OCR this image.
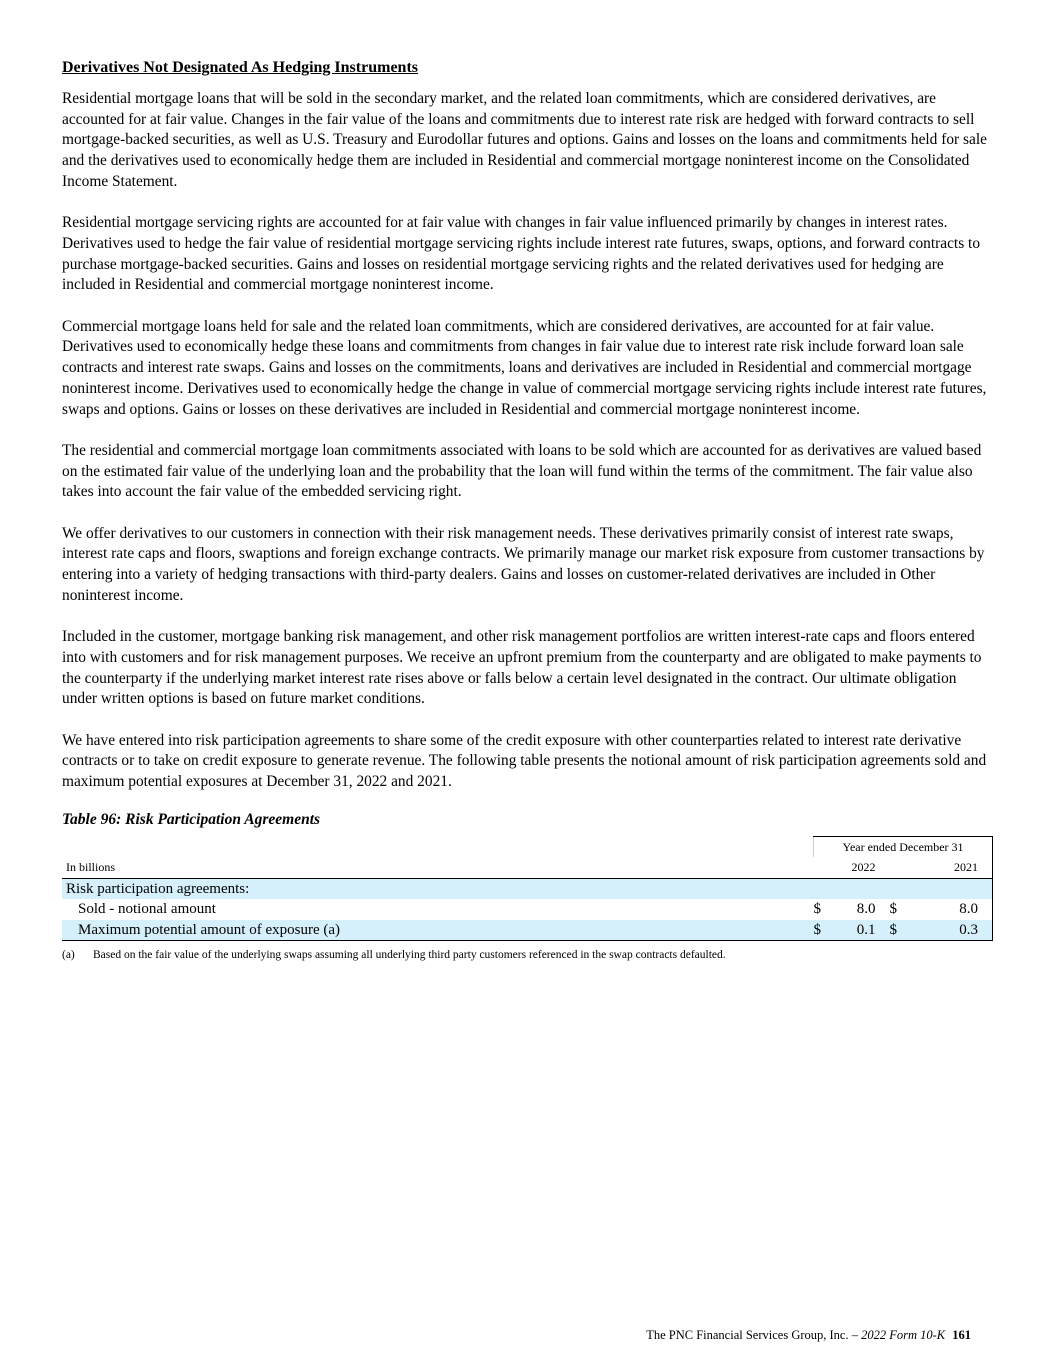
Derivatives Not Designated As Hedging Instruments

Residential mortgage loans that will be sold in the secondary market, and the related loan commitments, which are considered derivatives, are accounted for at fair value. Changes in the fair value of the loans and commitments due to interest rate risk are hedged with forward contracts to sell mortgage-backed securities, as well as U.S. Treasury and Eurodollar futures and options. Gains and losses on the loans and commitments held for sale and the derivatives used to economically hedge them are included in Residential and commercial mortgage noninterest income on the Consolidated Income Statement.

Residential mortgage servicing rights are accounted for at fair value with changes in fair value influenced primarily by changes in interest rates. Derivatives used to hedge the fair value of residential mortgage servicing rights include interest rate futures, swaps, options, and forward contracts to purchase mortgage-backed securities. Gains and losses on residential mortgage servicing rights and the related derivatives used for hedging are included in Residential and commercial mortgage noninterest income.

Commercial mortgage loans held for sale and the related loan commitments, which are considered derivatives, are accounted for at fair value. Derivatives used to economically hedge these loans and commitments from changes in fair value due to interest rate risk include forward loan sale contracts and interest rate swaps. Gains and losses on the commitments, loans and derivatives are included in Residential and commercial mortgage noninterest income. Derivatives used to economically hedge the change in value of commercial mortgage servicing rights include interest rate futures, swaps and options. Gains or losses on these derivatives are included in Residential and commercial mortgage noninterest income.

The residential and commercial mortgage loan commitments associated with loans to be sold which are accounted for as derivatives are valued based on the estimated fair value of the underlying loan and the probability that the loan will fund within the terms of the commitment. The fair value also takes into account the fair value of the embedded servicing right.

We offer derivatives to our customers in connection with their risk management needs. These derivatives primarily consist of interest rate swaps, interest rate caps and floors, swaptions and foreign exchange contracts. We primarily manage our market risk exposure from customer transactions by entering into a variety of hedging transactions with third-party dealers. Gains and losses on customer-related derivatives are included in Other noninterest income.

Included in the customer, mortgage banking risk management, and other risk management portfolios are written interest-rate caps and floors entered into with customers and for risk management purposes. We receive an upfront premium from the counterparty and are obligated to make payments to the counterparty if the underlying market interest rate rises above or falls below a certain level designated in the contract. Our ultimate obligation under written options is based on future market conditions.

We have entered into risk participation agreements to share some of the credit exposure with other counterparties related to interest rate derivative contracts or to take on credit exposure to generate revenue. The following table presents the notional amount of risk participation agreements sold and maximum potential exposures at December 31, 2022 and 2021.

Table 96: Risk Participation Agreements
	Year ended December 31			
In billions		2022		2021
Risk participation agreements:				
Sold - notional amount	$	8.0	$	8.0
Maximum potential amount of exposure (a)	$	0.1	$	0.3
(a)	Based on the fair value of the underlying swaps assuming all underlying third party customers referenced in the swap contracts defaulted.
The PNC Financial Services Group, Inc. – 2022 Form 10-K 161
